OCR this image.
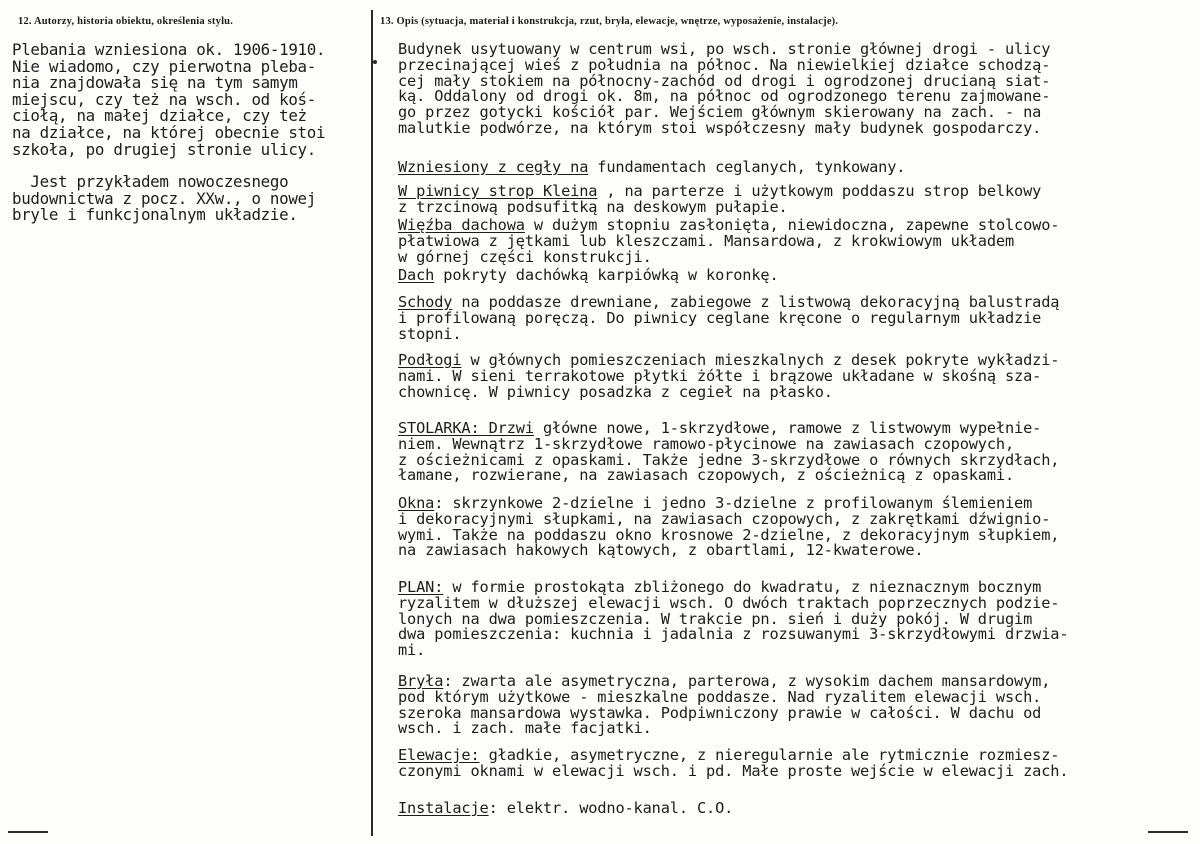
12. Autorzy, historia obiektu, określenia stylu.	13. Opis (sytuacja, materiał i konstrukcja, rzut, bryła, elewacje, wnętrze, wyposażenie, instalacje).

Plebania wzniesiona ok. 1906-1910.
Nie wiadomo, czy pierwotna pleba-
nia znajdowała się na tym samym
miejscu, czy też na wsch. od koś-
ciołą, na małej działce, czy też
na działce, na której obecnie stoi
szkoła, po drugiej stronie ulicy.

Jest przykładem nowoczesnego
budownictwa z pocz. XXw., o nowej
bryle i funkcjonalnym układzie.

Budynek usytuowany w centrum wsi, po wsch. stronie głównej drogi - ulicy
przecinającej wieś z południa na północ. Na niewielkiej działce schodzą-
cej mały stokiem na północny-zachód od drogi i ogrodzonej drucianą siat-
ką. Oddalony od drogi ok. 8m, na północ od ogrodzonego terenu zajmowane-
go przez gotycki kościół par. Wejściem głównym skierowany na zach. - na
malutkie podwórze, na którym stoi współczesny mały budynek gospodarczy.

Wzniesiony z cegły na fundamentach ceglanych, tynkowany.

W piwnicy strop Kleina , na parterze i użytkowym poddaszu strop belkowy
z trzcinową podsufitką na deskowym pułapie.

Więźba dachowa w dużym stopniu zasłonięta, niewidoczna, zapewne stolcowo-
płatwiowa z jętkami lub kleszczami. Mansardowa, z krokwiowym układem
w górnej części konstrukcji.

Dach pokryty dachówką karpiówką w koronkę.

Schody na poddasze drewniane, zabiegowe z listwową dekoracyjną balustradą
i profilowaną poręczą. Do piwnicy ceglane kręcone o regularnym układzie
stopni.

Podłogi w głównych pomieszczeniach mieszkalnych z desek pokryte wykładzi-
nami. W sieni terrakotowe płytki żółte i brązowe układane w skośną sza-
chownicę. W piwnicy posadzka z cegieł na płasko.

STOLARKA: Drzwi główne nowe, 1-skrzydłowe, ramowe z listwowym wypełnie-
niem. Wewnątrz 1-skrzydłowe ramowo-płycinowe na zawiasach czopowych,
z ościeżnicami z opaskami. Także jedne 3-skrzydłowe o równych skrzydłach,
łamane, rozwierane, na zawiasach czopowych, z ościeżnicą z opaskami.

Okna: skrzynkowe 2-dzielne i jedno 3-dzielne z profilowanym ślemieniem
i dekoracyjnymi słupkami, na zawiasach czopowych, z zakrętkami dźwignio-
wymi. Także na poddaszu okno krosnowe 2-dzielne, z dekoracyjnym słupkiem,
na zawiasach hakowych kątowych, z obartlami, 12-kwaterowe.

PLAN: w formie prostokąta zbliżonego do kwadratu, z nieznacznym bocznym
ryzalitem w dłuższej elewacji wsch. O dwóch traktach poprzecznych podzie-
lonych na dwa pomieszczenia. W trakcie pn. sień i duży pokój. W drugim
dwa pomieszczenia: kuchnia i jadalnia z rozsuwanymi 3-skrzydłowymi drzwia-
mi.

Bryła: zwarta ale asymetryczna, parterowa, z wysokim dachem mansardowym,
pod którym użytkowe - mieszkalne poddasze. Nad ryzalitem elewacji wsch.
szeroka mansardowa wystawka. Podpiwniczony prawie w całości. W dachu od
wsch. i zach. małe facjatki.

Elewacje: gładkie, asymetryczne, z nieregularnie ale rytmicznie rozmiesz-
czonymi oknami w elewacji wsch. i pd. Małe proste wejście w elewacji zach.

Instalacje: elektr. wodno-kanal. C.O.
